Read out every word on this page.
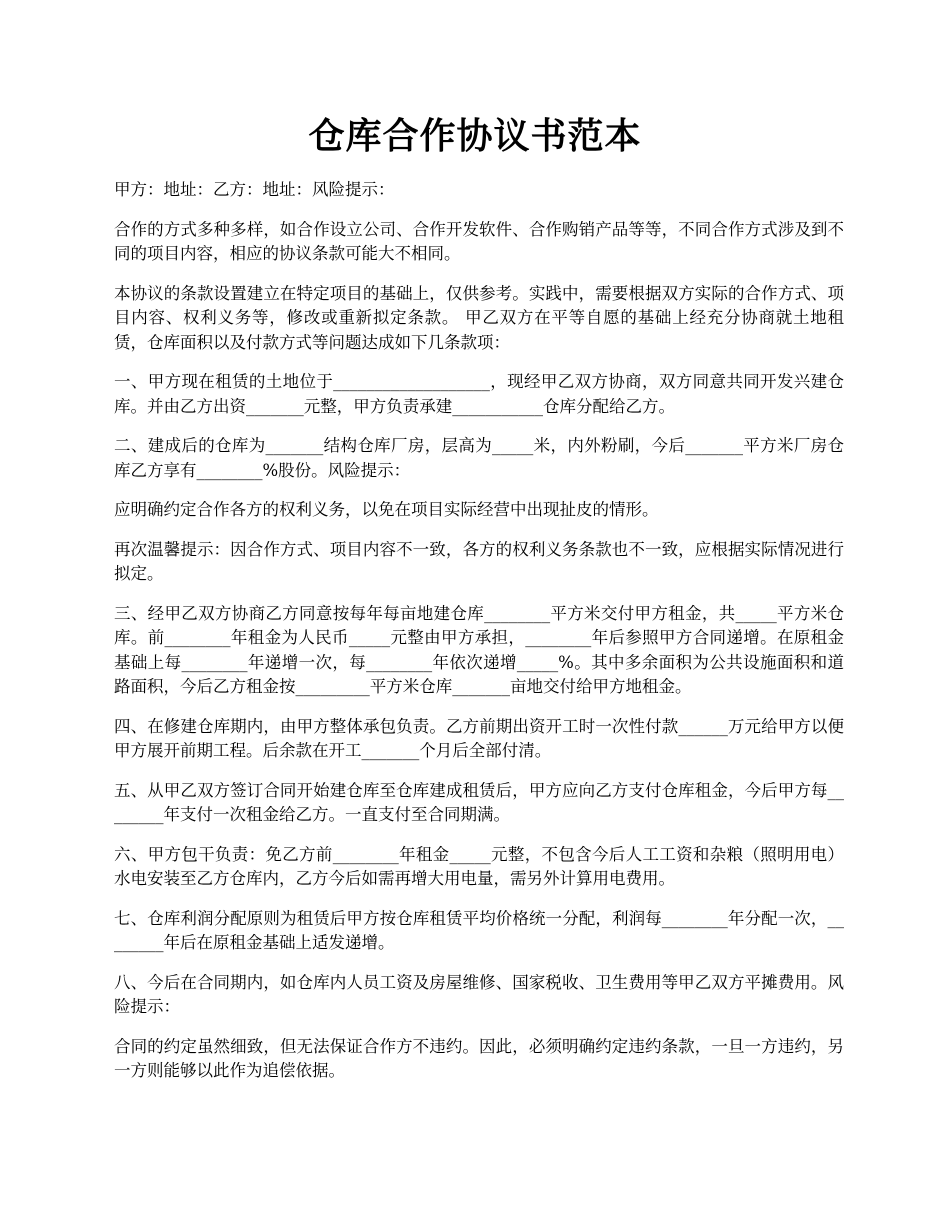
仓库合作协议书范本

甲方：地址：乙方：地址：风险提示：

合作的方式多种多样，如合作设立公司、合作开发软件、合作购销产品等等，不同合作方式涉及到不同的项目内容，相应的协议条款可能大不相同。

本协议的条款设置建立在特定项目的基础上，仅供参考。实践中，需要根据双方实际的合作方式、项目内容、权利义务等，修改或重新拟定条款。 甲乙双方在平等自愿的基础上经充分协商就土地租赁，仓库面积以及付款方式等问题达成如下几条款项：

一、甲方现在租赁的土地位于___________________，现经甲乙双方协商，双方同意共同开发兴建仓库。并由乙方出资_______元整，甲方负责承建___________仓库分配给乙方。

二、建成后的仓库为_______结构仓库厂房，层高为_____米，内外粉刷，今后_______平方米厂房仓库乙方享有________%股份。风险提示：

应明确约定合作各方的权利义务，以免在项目实际经营中出现扯皮的情形。

再次温馨提示：因合作方式、项目内容不一致，各方的权利义务条款也不一致，应根据实际情况进行拟定。

三、经甲乙双方协商乙方同意按每年每亩地建仓库________平方米交付甲方租金，共_____平方米仓库。前________年租金为人民币_____元整由甲方承担，________年后参照甲方合同递增。在原租金基础上每________年递增一次，每________年依次递增_____%。其中多余面积为公共设施面积和道路面积，今后乙方租金按_________平方米仓库_______亩地交付给甲方地租金。

四、在修建仓库期内，由甲方整体承包负责。乙方前期出资开工时一次性付款______万元给甲方以便甲方展开前期工程。后余款在开工_______个月后全部付清。

五、从甲乙双方签订合同开始建仓库至仓库建成租赁后，甲方应向乙方支付仓库租金，今后甲方每________年支付一次租金给乙方。一直支付至合同期满。

六、甲方包干负责：免乙方前________年租金_____元整，不包含今后人工工资和杂粮（照明用电）水电安装至乙方仓库内，乙方今后如需再增大用电量，需另外计算用电费用。

七、仓库利润分配原则为租赁后甲方按仓库租赁平均价格统一分配，利润每________年分配一次，________年后在原租金基础上适发递增。

八、今后在合同期内，如仓库内人员工资及房屋维修、国家税收、卫生费用等甲乙双方平摊费用。风险提示：

合同的约定虽然细致，但无法保证合作方不违约。因此，必须明确约定违约条款，一旦一方违约，另一方则能够以此作为追偿依据。
